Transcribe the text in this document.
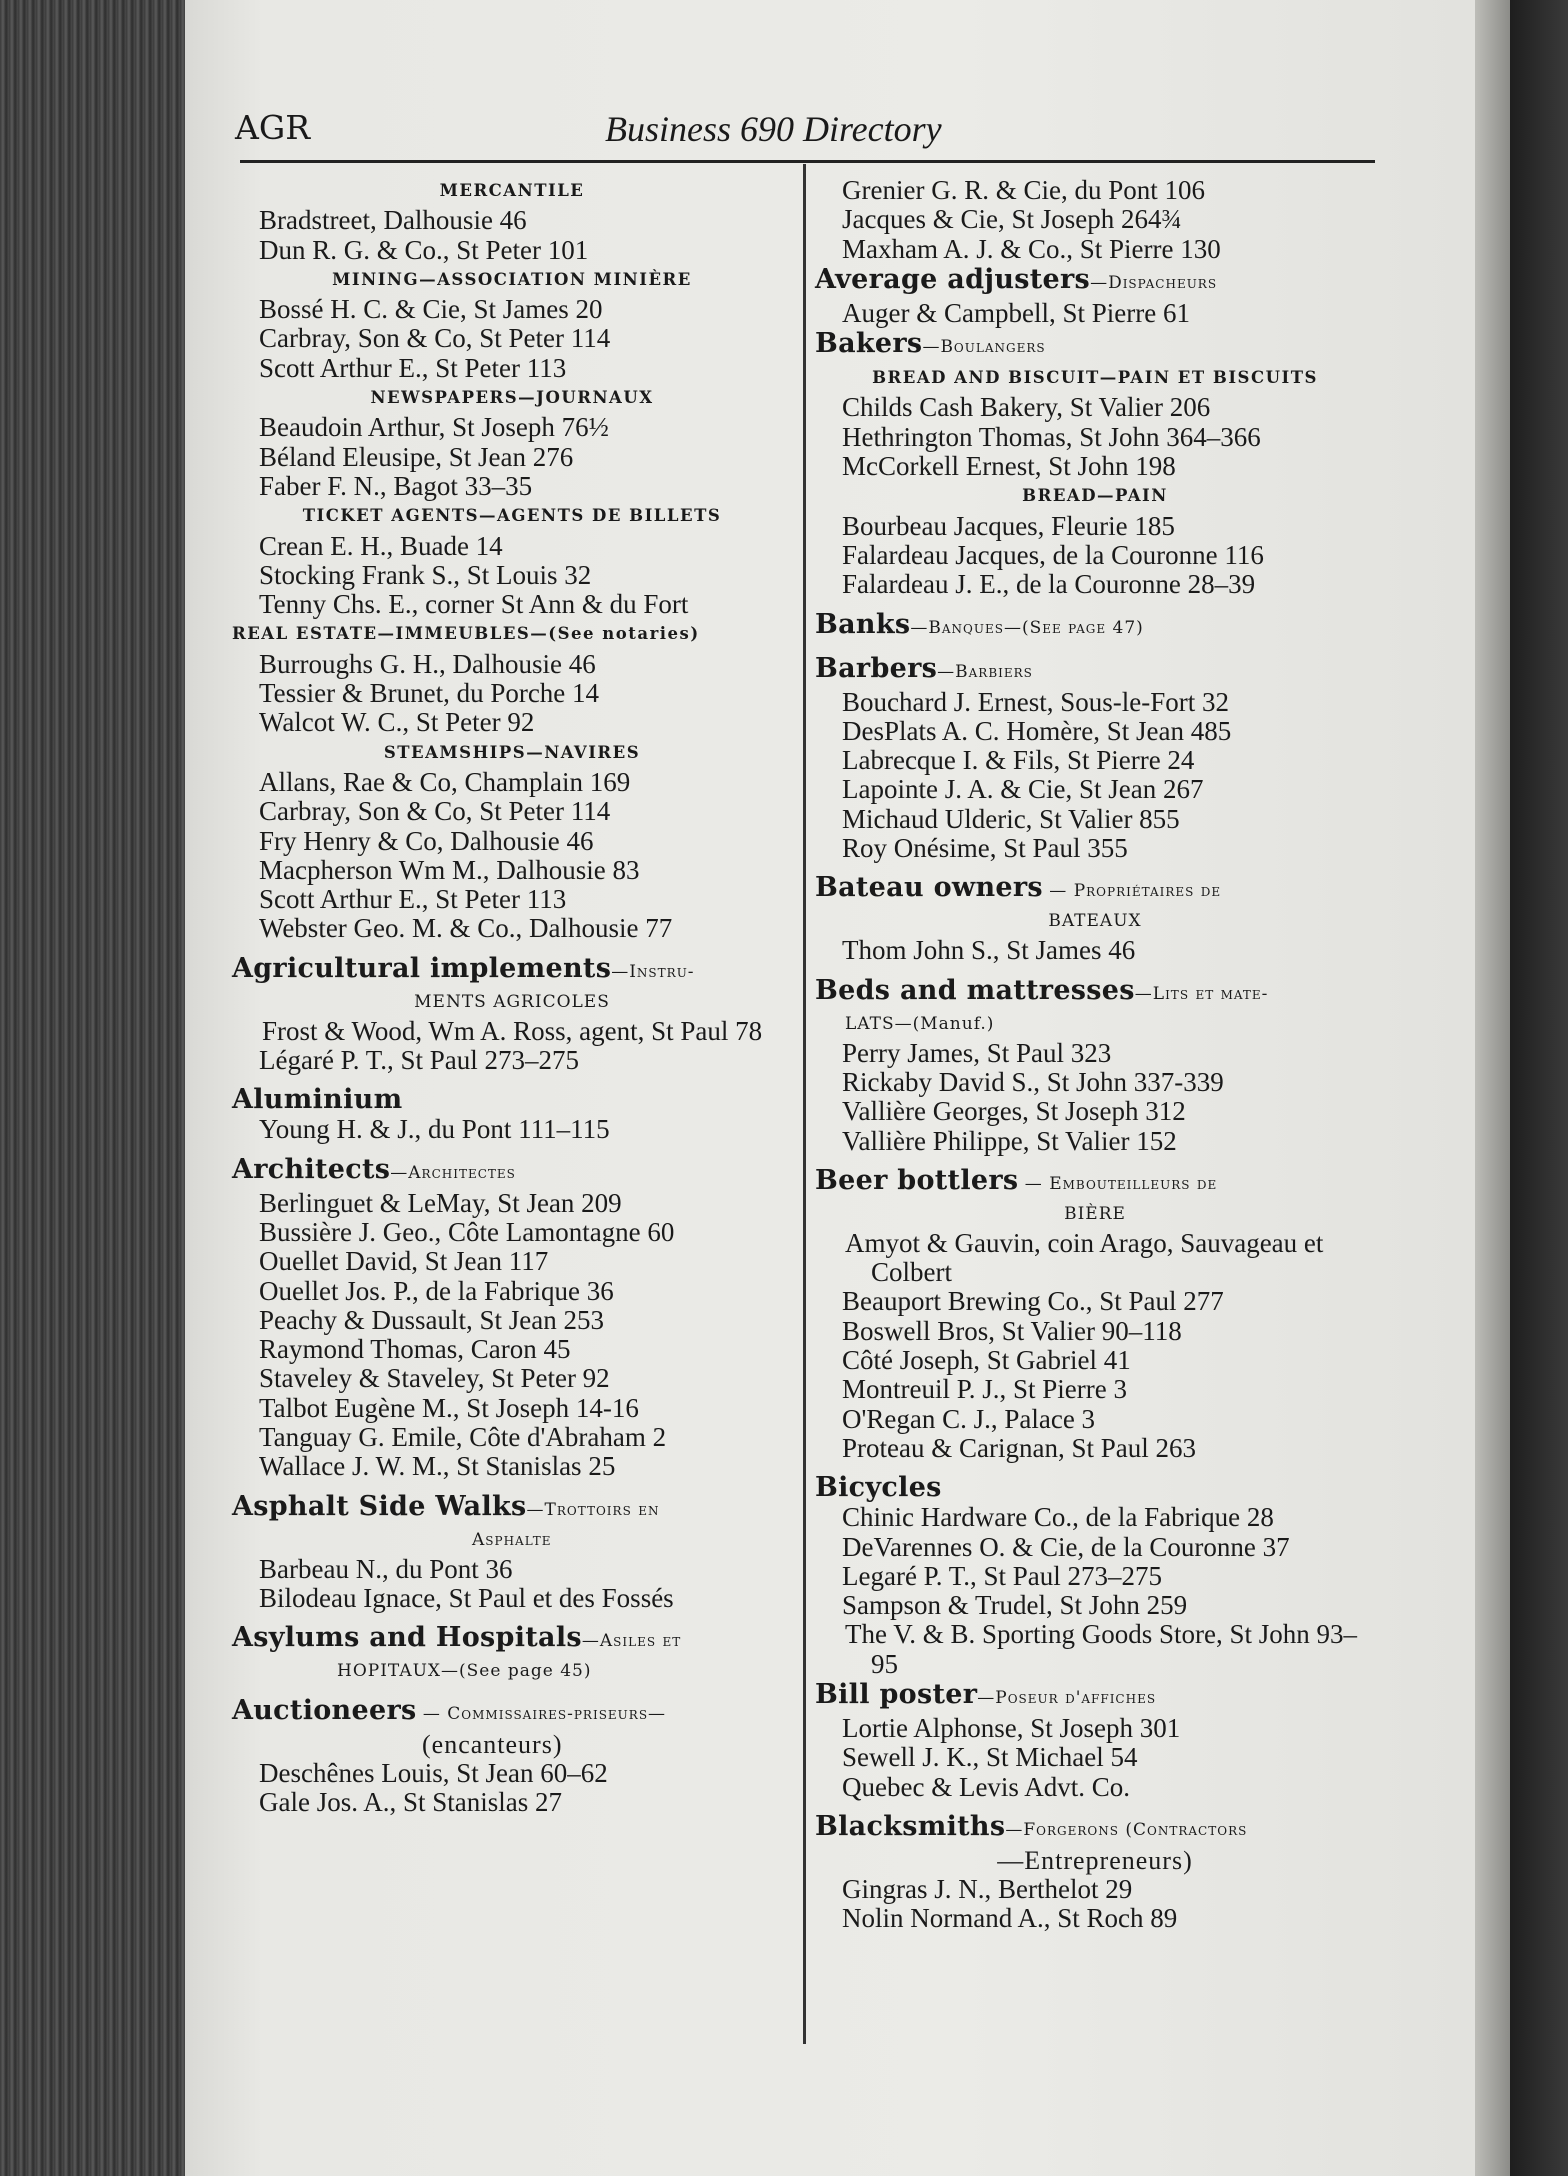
AGR	Business 690 Directory
MERCANTILE
Bradstreet, Dalhousie 46
Dun R. G. & Co., St Peter 101
MINING—ASSOCIATION MINIÈRE
Bossé H. C. & Cie, St James 20
Carbray, Son & Co, St Peter 114
Scott Arthur E., St Peter 113
NEWSPAPERS—JOURNAUX
Beaudoin Arthur, St Joseph 76½
Béland Eleusipe, St Jean 276
Faber F. N., Bagot 33–35
TICKET AGENTS—AGENTS DE BILLETS
Crean E. H., Buade 14
Stocking Frank S., St Louis 32
Tenny Chs. E., corner St Ann & du Fort
REAL ESTATE—IMMEUBLES—(See notaries)
Burroughs G. H., Dalhousie 46
Tessier & Brunet, du Porche 14
Walcot W. C., St Peter 92
STEAMSHIPS—NAVIRES
Allans, Rae & Co, Champlain 169
Carbray, Son & Co, St Peter 114
Fry Henry & Co, Dalhousie 46
Macpherson Wm M., Dalhousie 83
Scott Arthur E., St Peter 113
Webster Geo. M. & Co., Dalhousie 77
Agricultural implements—Instru-
MENTS AGRICOLES
Frost & Wood, Wm A. Ross, agent, St Paul 78
Légaré P. T., St Paul 273–275
Aluminium
Young H. & J., du Pont 111–115
Architects—Architectes
Berlinguet & LeMay, St Jean 209
Bussière J. Geo., Côte Lamontagne 60
Ouellet David, St Jean 117
Ouellet Jos. P., de la Fabrique 36
Peachy & Dussault, St Jean 253
Raymond Thomas, Caron 45
Staveley & Staveley, St Peter 92
Talbot Eugène M., St Joseph 14-16
Tanguay G. Emile, Côte d'Abraham 2
Wallace J. W. M., St Stanislas 25
Asphalt Side Walks—Trottoirs en
Asphalte
Barbeau N., du Pont 36
Bilodeau Ignace, St Paul et des Fossés
Asylums and Hospitals—Asiles et
HOPITAUX—(See page 45)
Auctioneers — Commissaires-priseurs—
(encanteurs)
Deschênes Louis, St Jean 60–62
Gale Jos. A., St Stanislas 27
Grenier G. R. & Cie, du Pont 106
Jacques & Cie, St Joseph 264¾
Maxham A. J. & Co., St Pierre 130
Average adjusters—Dispacheurs
Auger & Campbell, St Pierre 61
Bakers—Boulangers
BREAD AND BISCUIT—PAIN ET BISCUITS
Childs Cash Bakery, St Valier 206
Hethrington Thomas, St John 364–366
McCorkell Ernest, St John 198
BREAD—PAIN
Bourbeau Jacques, Fleurie 185
Falardeau Jacques, de la Couronne 116
Falardeau J. E., de la Couronne 28–39
Banks—Banques—(See page 47)
Barbers—Barbiers
Bouchard J. Ernest, Sous-le-Fort 32
DesPlats A. C. Homère, St Jean 485
Labrecque I. & Fils, St Pierre 24
Lapointe J. A. & Cie, St Jean 267
Michaud Ulderic, St Valier 855
Roy Onésime, St Paul 355
Bateau owners — Propriétaires de
BATEAUX
Thom John S., St James 46
Beds and mattresses—Lits et mate-
LATS—(Manuf.)
Perry James, St Paul 323
Rickaby David S., St John 337-339
Vallière Georges, St Joseph 312
Vallière Philippe, St Valier 152
Beer bottlers — Embouteilleurs de
BIÈRE
Amyot & Gauvin, coin Arago, Sauvageau et Colbert
Beauport Brewing Co., St Paul 277
Boswell Bros, St Valier 90–118
Côté Joseph, St Gabriel 41
Montreuil P. J., St Pierre 3
O'Regan C. J., Palace 3
Proteau & Carignan, St Paul 263
Bicycles
Chinic Hardware Co., de la Fabrique 28
DeVarennes O. & Cie, de la Couronne 37
Legaré P. T., St Paul 273–275
Sampson & Trudel, St John 259
The V. & B. Sporting Goods Store, St John 93–95
Bill poster—Poseur d'affiches
Lortie Alphonse, St Joseph 301
Sewell J. K., St Michael 54
Quebec & Levis Advt. Co.
Blacksmiths—Forgerons (Contractors
—Entrepreneurs)
Gingras J. N., Berthelot 29
Nolin Normand A., St Roch 89
